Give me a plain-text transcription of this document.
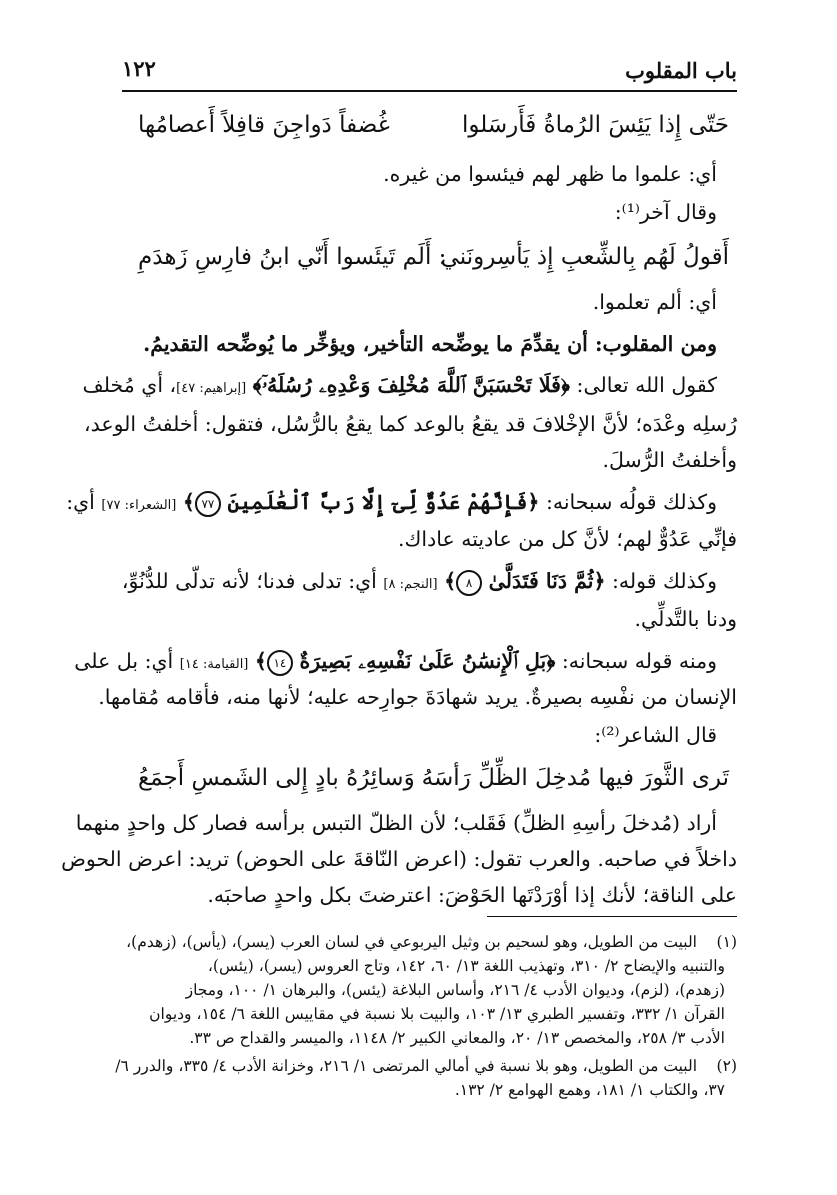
باب المقلوب
١٢٢
حَتّى إِذا يَئِسَ الرُماةُ فَأَرسَلوا
غُضفاً دَواجِنَ قافِلاً أَعصامُها
أي: علموا ما ظهر لهم فيئسوا من غيره.
وقال آخر⁽¹⁾:
أَقولُ لَهُم بِالشِّعبِ إِذ يَأسِرونَني
: أَلَم تَيئَسوا أَنّي ابنُ فارِسِ زَهدَمِ
أي: ألم تعلموا.
ومن المقلوب: أن يقدِّمَ ما يوضِّحه التأخير، ويؤخِّر ما يُوضِّحه التقديمُ.
كقول الله تعالى: ﴿فَلَا تَحْسَبَنَّ ٱللَّهَ مُخْلِفَ وَعْدِهِۦ رُسُلَهُۥٓ﴾ [إبراهيم: ٤٧]، أي مُخلف
رُسلِه وعْدَه؛ لأنَّ الإخْلافَ قد يقعُ بالوعد كما يقعُ بالرُّسُل، فتقول: أخلفتُ الوعد،
وأخلفتُ الرُّسلَ.
وكذلك قولُه سبحانه: ﴿فَإِنَّهُمْ عَدُوٌّ لِّىٓ إِلَّا رَبَّ ٱلْعَٰلَمِينَ ٧٧﴾ [الشعراء: ٧٧] أي:
فإنِّي عَدُوٌّ لهم؛ لأنَّ كل من عاديته عاداك.
وكذلك قوله: ﴿ثُمَّ دَنَا فَتَدَلَّىٰ ٨﴾ [النجم: ٨] أي: تدلى فدنا؛ لأنه تدلّى للدُّنُوِّ،
ودنا بالتَّدلِّي.
ومنه قوله سبحانه: ﴿بَلِ ٱلْإِنسَٰنُ عَلَىٰ نَفْسِهِۦ بَصِيرَةٌ ١٤﴾ [القيامة: ١٤] أي: بل على
الإنسان من نفْسِه بصيرةٌ. يريد شهادَةَ جوارِحه عليه؛ لأنها منه، فأقامه مُقامها.
قال الشاعر⁽²⁾:
تَرى الثَّورَ فيها مُدخِلَ الظِّلِّ رَأسَهُ
وَسائِرُهُ بادٍ إِلى الشَمسِ أَجمَعُ
أراد (مُدخلَ رأسِهِ الظلِّ) فَقَلب؛ لأن الظلّ التبس برأسه فصار كل واحدٍ منهما
داخلاً في صاحبه. والعرب تقول: (اعرض النّاقةَ على الحوض) تريد: اعرض الحوض
على الناقة؛ لأنك إذا أوْرَدْتَها الحَوْضَ: اعترضتَ بكل واحدٍ صاحبَه.
(١)
البيت من الطويل، وهو لسحيم بن وثيل اليربوعي في لسان العرب (يسر)، (يأس)، (زهدم)،
والتنبيه والإيضاح ٢/ ٣١٠، وتهذيب اللغة ١٣/ ٦٠، ١٤٢، وتاج العروس (يسر)، (يئس)،
(زهدم)، (لزم)، وديوان الأدب ٤/ ٢١٦، وأساس البلاغة (يئس)، والبرهان ١/ ١٠٠، ومجاز
القرآن ١/ ٣٣٢، وتفسير الطبري ١٣/ ١٠٣، والبيت بلا نسبة في مقاييس اللغة ٦/ ١٥٤، وديوان
الأدب ٣/ ٢٥٨، والمخصص ١٣/ ٢٠، والمعاني الكبير ٢/ ١١٤٨، والميسر والقداح ص ٣٣.
(٢)
البيت من الطويل، وهو بلا نسبة في أمالي المرتضى ١/ ٢١٦، وخزانة الأدب ٤/ ٣٣٥، والدرر ٦/
٣٧، والكتاب ١/ ١٨١، وهمع الهوامع ٢/ ١٣٢.
